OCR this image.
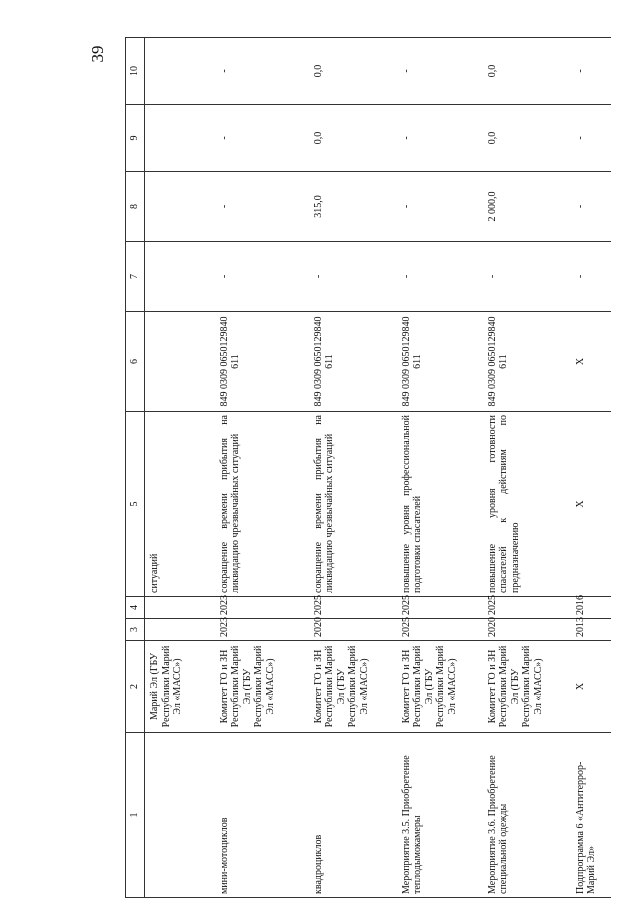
39
1	2	3	4	5	6	7	8	9	10
	Марий Эл (ГБУ Республики Марий Эл «МАСС»)			ситуаций					
мини-мотоциклов	Комитет ГО и ЗН Республики Марий Эл (ГБУ Республики Марий Эл «МАСС»)	2023	2023	сокращение времени прибытия на ликвидацию чрезвычайных ситуаций	849 0309 0650129840 611	-	-	-	-
квадроциклов	Комитет ГО и ЗН Республики Марий Эл (ГБУ Республики Марий Эл «МАСС»)	2020	2025	сокращение времени прибытия на ликвидацию чрезвычайных ситуаций	849 0309 0650129840 611	-	315,0	0,0	0,0
Мероприятие 3.5. Приобретение теплодымокамеры	Комитет ГО и ЗН Республики Марий Эл (ГБУ Республики Марий Эл «МАСС»)	2025	2025	повышение уровня профессиональной подготовки спасателей	849 0309 0650129840 611	-	-	-	-
Мероприятие 3.6. Приобретение специальной одежды	Комитет ГО и ЗН Республики Марий Эл (ГБУ Республики Марий Эл «МАСС»)	2020	2025	повышение уровня готовности спасателей к действиям по предназначению	849 0309 0650129840 611	-	2 000,0	0,0	0,0
Подпрограмма 6 «Антитеррор-Марий Эл»	X	2013	2016	X	X	-	-	-	-
